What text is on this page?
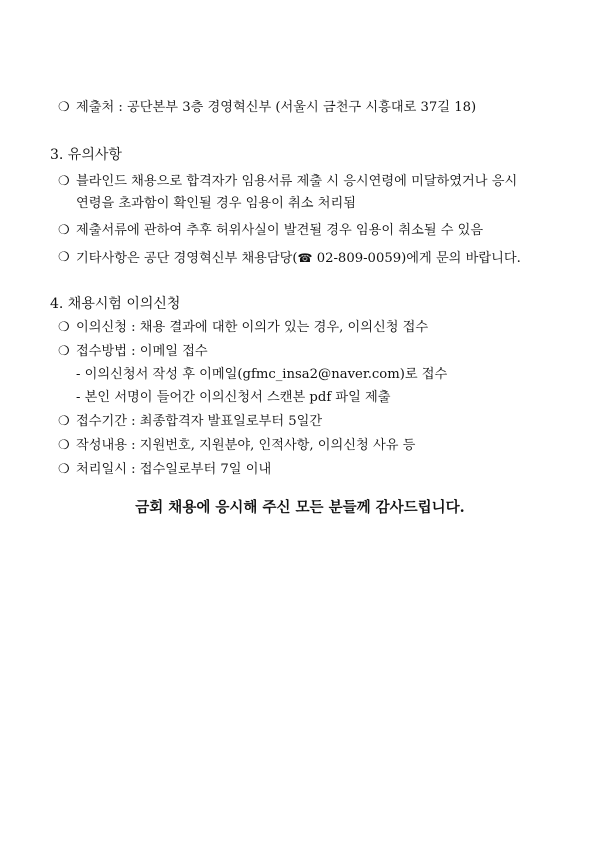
❍ 제출처 : 공단본부 3층 경영혁신부 (서울시 금천구 시흥대로 37길 18)
3. 유의사항
❍ 블라인드 채용으로 합격자가 임용서류 제출 시 응시연령에 미달하였거나 응시
연령을 초과함이 확인될 경우 임용이 취소 처리됨
❍ 제출서류에 관하여 추후 허위사실이 발견될 경우 임용이 취소될 수 있음
❍ 기타사항은 공단 경영혁신부 채용담당(☎ 02-809-0059)에게 문의 바랍니다.
4. 채용시험 이의신청
❍ 이의신청 : 채용 결과에 대한 이의가 있는 경우, 이의신청 접수
❍ 접수방법 : 이메일 접수
- 이의신청서 작성 후 이메일(gfmc_insa2@naver.com)로 접수
- 본인 서명이 들어간 이의신청서 스캔본 pdf 파일 제출
❍ 접수기간 : 최종합격자 발표일로부터 5일간
❍ 작성내용 : 지원번호, 지원분야, 인적사항, 이의신청 사유 등
❍ 처리일시 : 접수일로부터 7일 이내
금회 채용에 응시해 주신 모든 분들께 감사드립니다.
